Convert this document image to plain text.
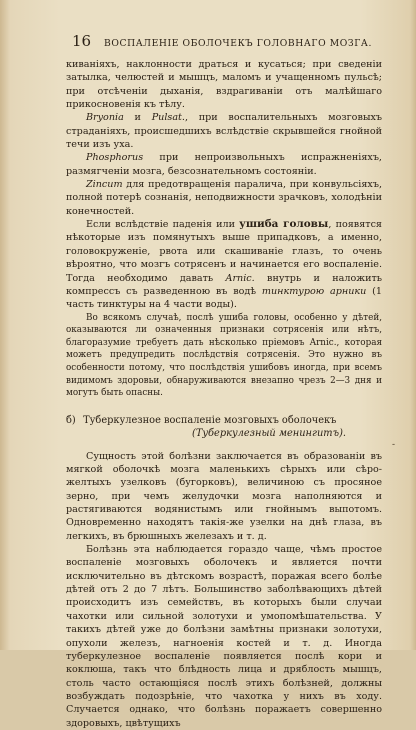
16	ВОСПАЛЕНІЕ ОБОЛОЧЕКЪ ГОЛОВНАГО МОЗГА.

кивaніяхъ, наклонности драться и кусаться; при сведеніи затылка, челюстей и мышцъ, маломъ и учащенномъ пульсѣ; при отсѣченіи дыханія, вздрагиваніи отъ малѣйшаго прикосновенія къ тѣлу.

Bryonia и Pulsat., при воспалительныхъ мозговыхъ страданіяхъ, происшедшихъ вслѣдствіе скрывшейся гнойной течи изъ уха.

Phosphorus при непроизвольныхъ испражненіяхъ, размягченіи мозга, безсознательномъ состояніи.

Zincum для предотвращенія паралича, при конвульсіяхъ, полной потерѣ сознанія, неподвижности зрачковъ, холодѣніи конечностей.

Если вслѣдствіе паденія или ушиба головы, появятся нѣкоторые изъ помянутыхъ выше припадковъ, а именно, головокруженіе, рвота или скашиваніе глазъ, то очень вѣроятно, что мозгъ сотрясенъ и начинается его воспаленіе. Тогда необходимо давать Arnic. внутрь и наложить компрессъ съ разведенною въ водѣ тинктурою арники (1 часть тинктуры на 4 части воды).

Во всякомъ случаѣ, послѣ ушиба головы, особенно у дѣтей, оказываются ли означенныя признаки сотрясенія или нѣтъ, благоразумие требуетъ дать нѣсколько пріемовъ Arnic., которая можетъ предупредить послѣдствія сотрясенія. Это нужно въ особенности потому, что послѣдствія ушибовъ иногда, при всемъ видимомъ здоровьи, обнаруживаются внезапно чрезъ 2—3 дня и могутъ быть опасны.

б) Туберкулезное воспаленіе мозговыхъ оболочекъ
(Туберкулезный менингитъ).

Сущность этой болѣзни заключается въ образованіи въ мягкой оболочкѣ мозга маленькихъ сѣрыхъ или сѣро-желтыхъ узелковъ (бугорковъ), величиною съ просяное зерно, при чемъ желудочки мозга наполняются и растягиваются водянистымъ или гнойнымъ выпотомъ. Одновременно находятъ такія-же узелки на днѣ глаза, въ легкихъ, въ брюшныхъ железахъ и т. д.

Болѣзнь эта наблюдается гораздо чаще, чѣмъ простое воспаленіе мозговыхъ оболочекъ и является почти исключительно въ дѣтскомъ возрастѣ, поражая всего болѣе дѣтей отъ 2 до 7 лѣтъ. Большинство заболѣвающихъ дѣтей происходитъ изъ семействъ, въ которыхъ были случаи чахотки или сильной золотухи и умопомѣшательства. У такихъ дѣтей уже до болѣзни замѣтны признаки золотухи, опухоли железъ, нагноенія костей и т. д. Иногда туберкулезное воспаленіе появляется послѣ кори и коклюша, такъ что блѣдность лица и дряблость мышцъ, столь часто остающіяся послѣ этихъ болѣзней, должны возбуждать подозрѣніе, что чахотка у нихъ въ ходу. Случается однако, что болѣзнь поражаетъ совершенно здоровыхъ, цвѣтущихъ

-
